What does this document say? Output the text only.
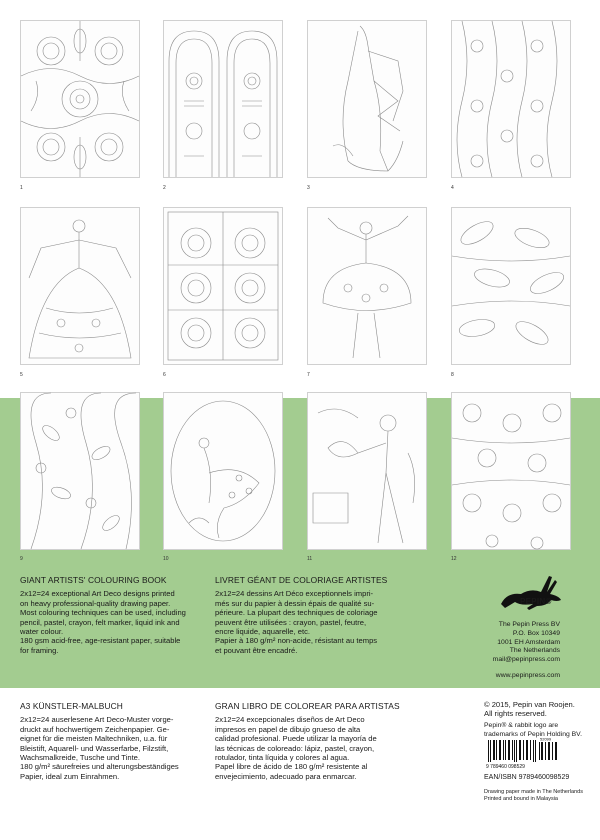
1	2	3	4
5	6	7	8
9	10	11	12
GIANT ARTISTS' COLOURING BOOK

2x12=24 exceptional Art Deco designs printed
on heavy professional-quality drawing paper.
Most colouring techniques can be used, including
pencil, pastel, crayon, felt marker, liquid ink and
water colour.
180 gsm acid-free, age-resistant paper, suitable
for framing.

LIVRET GÉANT DE COLORIAGE ARTISTES

2x12=24 dessins Art Déco exceptionnels impri-
més sur du papier à dessin épais de qualité su-
périeure. La plupart des techniques de coloriage
peuvent être utilisées : crayon, pastel, feutre,
encre liquide, aquarelle, etc.
Papier à 180 g/m² non-acide, résistant au temps
et pouvant être encadré.

PEPIN®
The Pepin Press BV
P.O. Box 10349
1001 EH Amsterdam
The Netherlands
mail@pepinpress.com
www.pepinpress.com
A3 KÜNSTLER-MALBUCH

2x12=24 auserlesene Art Deco-Muster vorge-
druckt auf hochwertigem Zeichenpapier. Ge-
eignet für die meisten Maltechniken, u.a. für
Bleistift, Aquarell- und Wasserfarbe, Filzstift,
Wachsmalkreide, Tusche und Tinte.
180 g/m² säurefreies und alterungsbeständiges
Papier, ideal zum Einrahmen.

GRAN LIBRO DE COLOREAR PARA ARTISTAS

2x12=24 excepcionales diseños de Art Deco
impresos en papel de dibujo grueso de alta
calidad profesional. Puede utilizar la mayoría de
las técnicas de coloreado: lápiz, pastel, crayon,
rotulador, tinta líquida y colores al agua.
Papel libre de ácido de 180 g/m² resistente al
envejecimiento, adecuado para enmarcar.

© 2015, Pepin van Roojen.
All rights reserved.
Pepin® & rabbit logo are
trademarks of Pepin Holding BV.
9 789460 098529
52099
EAN/ISBN 9789460098529
Drawing paper made in The Netherlands
Printed and bound in Malaysia
